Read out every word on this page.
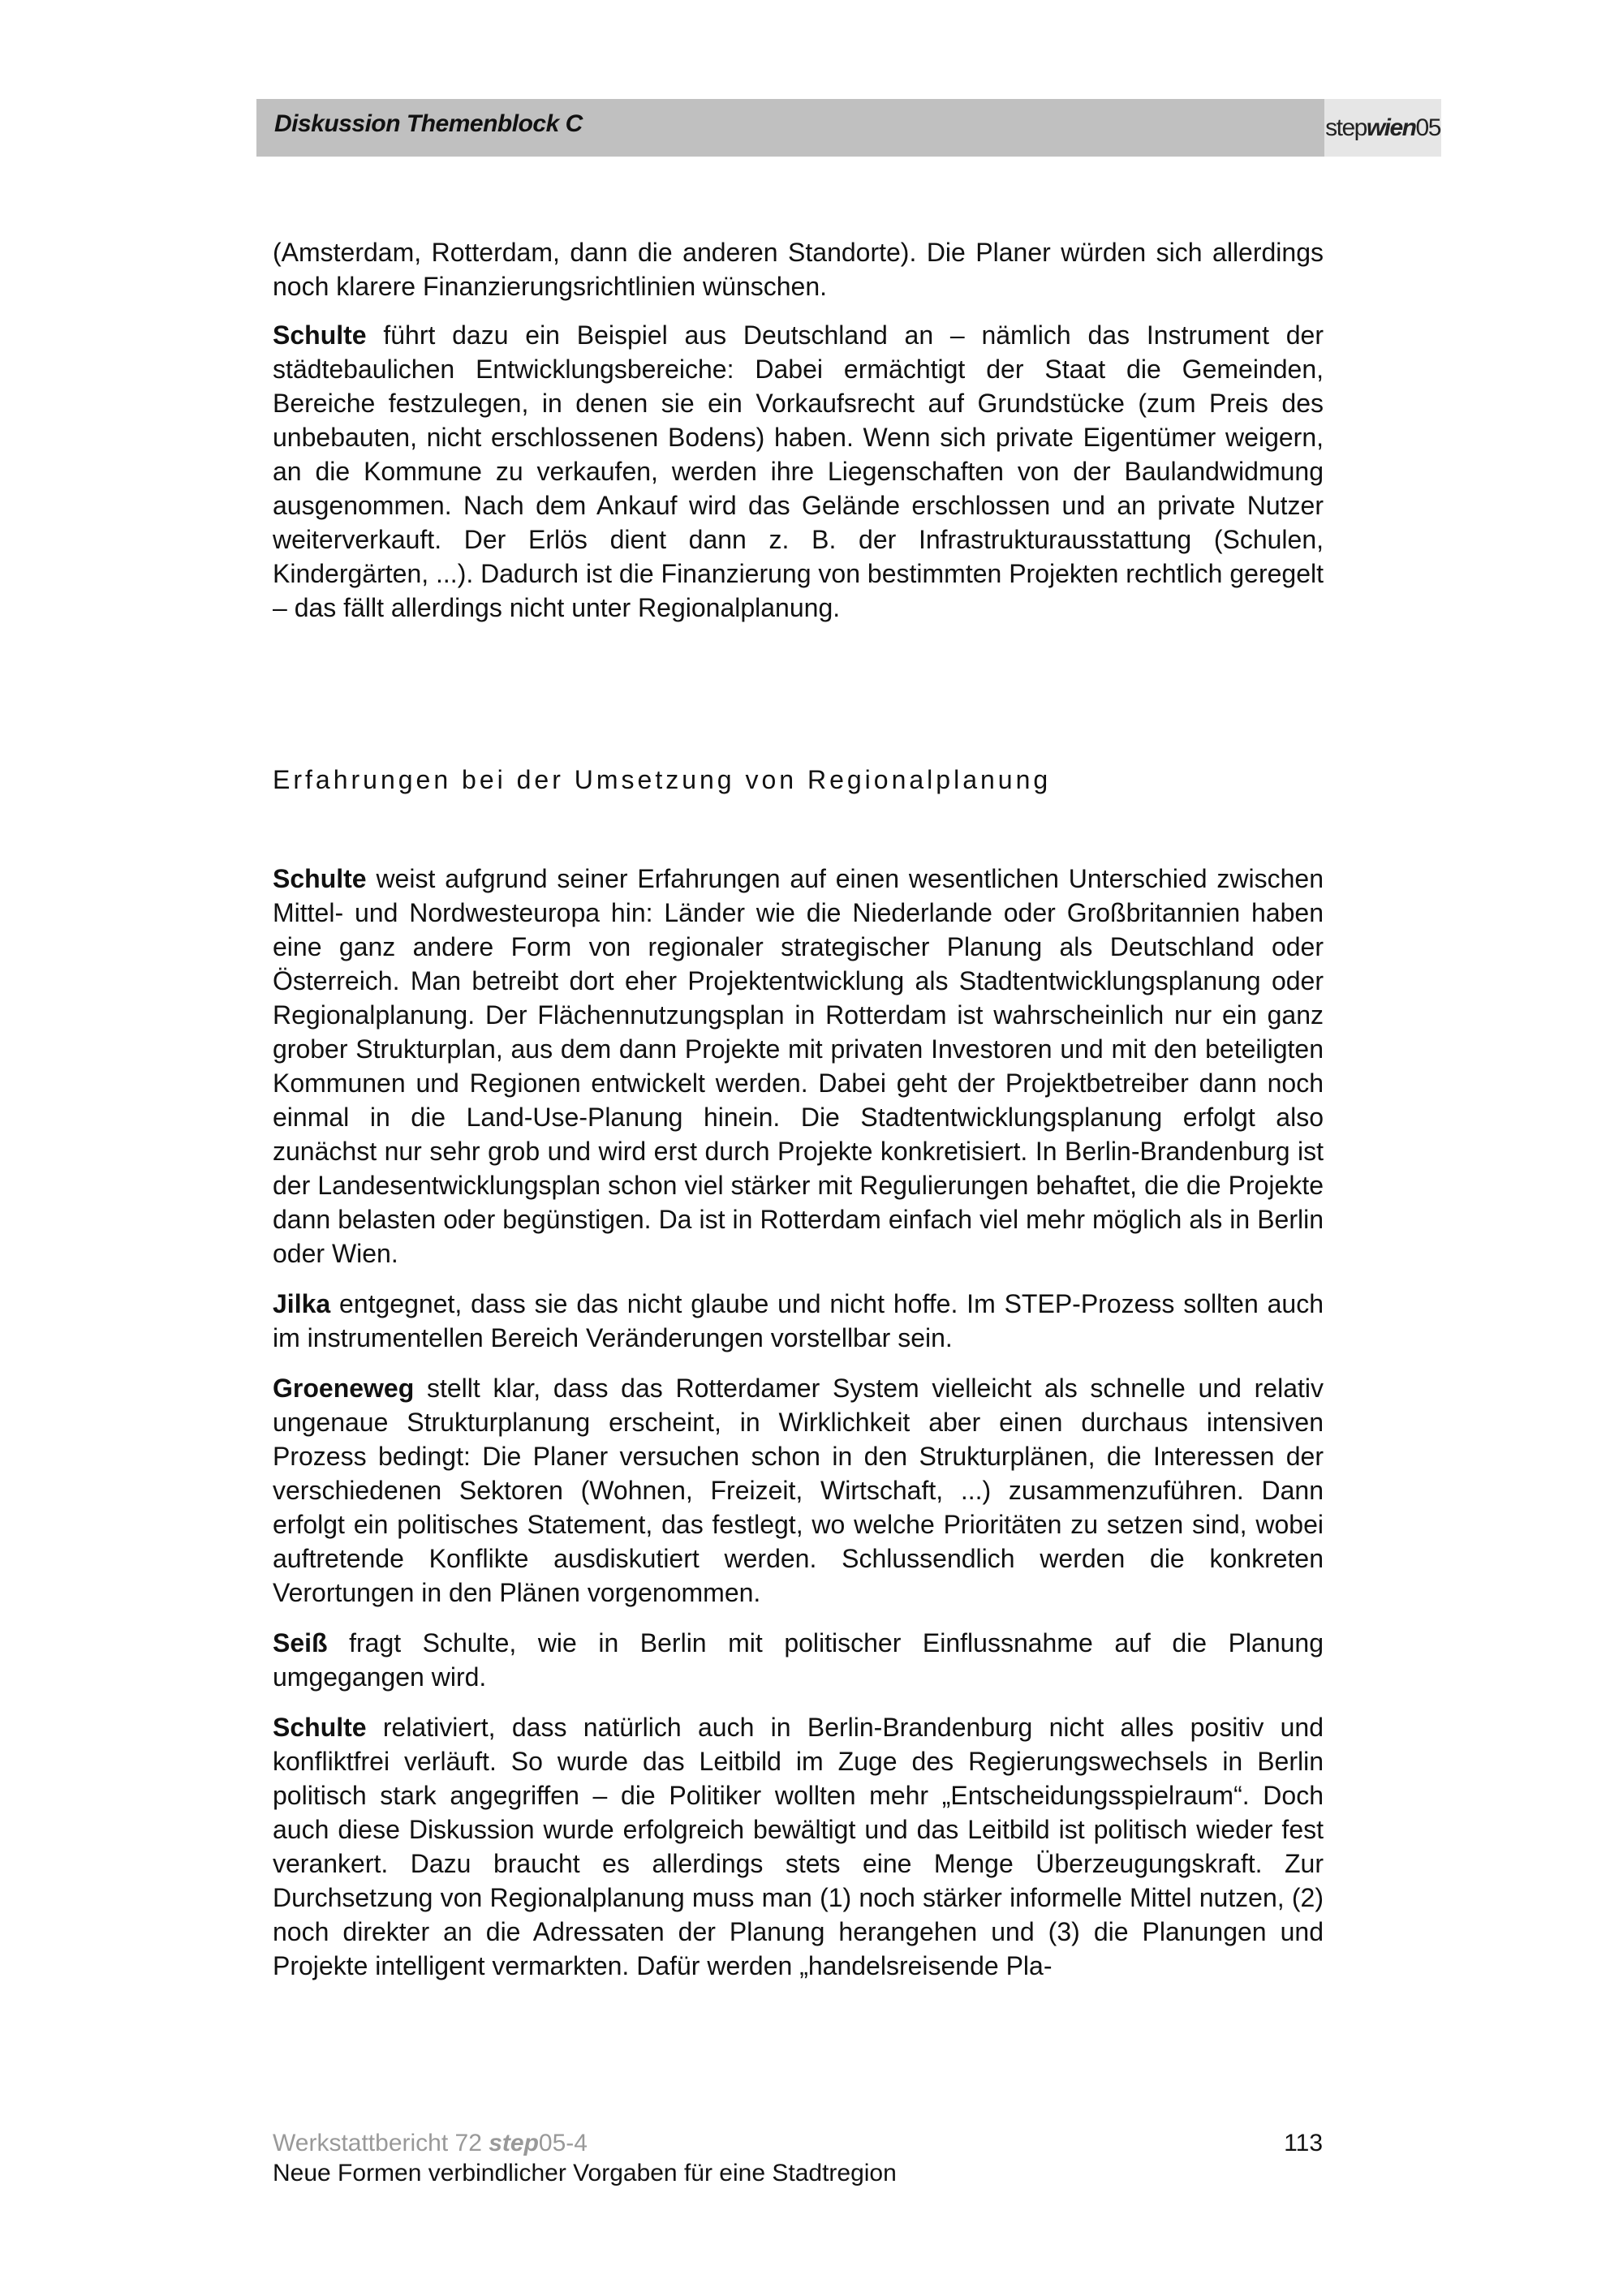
Diskussion Themenblock C	step wien 05

(Amsterdam, Rotterdam, dann die anderen Standorte). Die Planer würden sich allerdings noch klarere Finanzierungsrichtlinien wünschen.

Schulte führt dazu ein Beispiel aus Deutschland an – nämlich das Instrument der städtebaulichen Entwicklungsbereiche: Dabei ermächtigt der Staat die Gemeinden, Bereiche festzulegen, in denen sie ein Vorkaufsrecht auf Grundstücke (zum Preis des unbebauten, nicht erschlossenen Bodens) haben. Wenn sich private Eigentümer weigern, an die Kommune zu verkaufen, werden ihre Liegenschaften von der Baulandwidmung ausgenommen. Nach dem Ankauf wird das Gelände erschlossen und an private Nutzer weiterverkauft. Der Erlös dient dann z. B. der Infrastrukturausstattung (Schulen, Kindergärten, ...). Dadurch ist die Finanzierung von bestimmten Projekten rechtlich geregelt – das fällt allerdings nicht unter Regionalplanung.

Erfahrungen bei der Umsetzung von Regionalplanung

Schulte weist aufgrund seiner Erfahrungen auf einen wesentlichen Unterschied zwischen Mittel- und Nordwesteuropa hin: Länder wie die Niederlande oder Großbritannien haben eine ganz andere Form von regionaler strategischer Planung als Deutschland oder Österreich. Man betreibt dort eher Projektentwicklung als Stadtentwicklungsplanung oder Regionalplanung. Der Flächennutzungsplan in Rotterdam ist wahrscheinlich nur ein ganz grober Strukturplan, aus dem dann Projekte mit privaten Investoren und mit den beteiligten Kommunen und Regionen entwickelt werden. Dabei geht der Projektbetreiber dann noch einmal in die Land-Use-Planung hinein. Die Stadtentwicklungsplanung erfolgt also zunächst nur sehr grob und wird erst durch Projekte konkretisiert. In Berlin-Brandenburg ist der Landesentwicklungsplan schon viel stärker mit Regulierungen behaftet, die die Projekte dann belasten oder begünstigen. Da ist in Rotterdam einfach viel mehr möglich als in Berlin oder Wien.

Jilka entgegnet, dass sie das nicht glaube und nicht hoffe. Im STEP-Prozess sollten auch im instrumentellen Bereich Veränderungen vorstellbar sein.

Groeneweg stellt klar, dass das Rotterdamer System vielleicht als schnelle und relativ ungenaue Strukturplanung erscheint, in Wirklichkeit aber einen durchaus intensiven Prozess bedingt: Die Planer versuchen schon in den Strukturplänen, die Interessen der verschiedenen Sektoren (Wohnen, Freizeit, Wirtschaft, ...) zusammenzuführen. Dann erfolgt ein politisches Statement, das festlegt, wo welche Prioritäten zu setzen sind, wobei auftretende Konflikte ausdiskutiert werden. Schlussendlich werden die konkreten Verortungen in den Plänen vorgenommen.

Seiß fragt Schulte, wie in Berlin mit politischer Einflussnahme auf die Planung umgegangen wird.

Schulte relativiert, dass natürlich auch in Berlin-Brandenburg nicht alles positiv und konfliktfrei verläuft. So wurde das Leitbild im Zuge des Regierungswechsels in Berlin politisch stark angegriffen – die Politiker wollten mehr „Entscheidungsspielraum“. Doch auch diese Diskussion wurde erfolgreich bewältigt und das Leitbild ist politisch wieder fest verankert. Dazu braucht es allerdings stets eine Menge Überzeugungskraft. Zur Durchsetzung von Regionalplanung muss man (1) noch stärker informelle Mittel nutzen, (2) noch direkter an die Adressaten der Planung herangehen und (3) die Planungen und Projekte intelligent vermarkten. Dafür werden „handelsreisende Pla-

Werkstattbericht 72 step05-4
Neue Formen verbindlicher Vorgaben für eine Stadtregion
113
